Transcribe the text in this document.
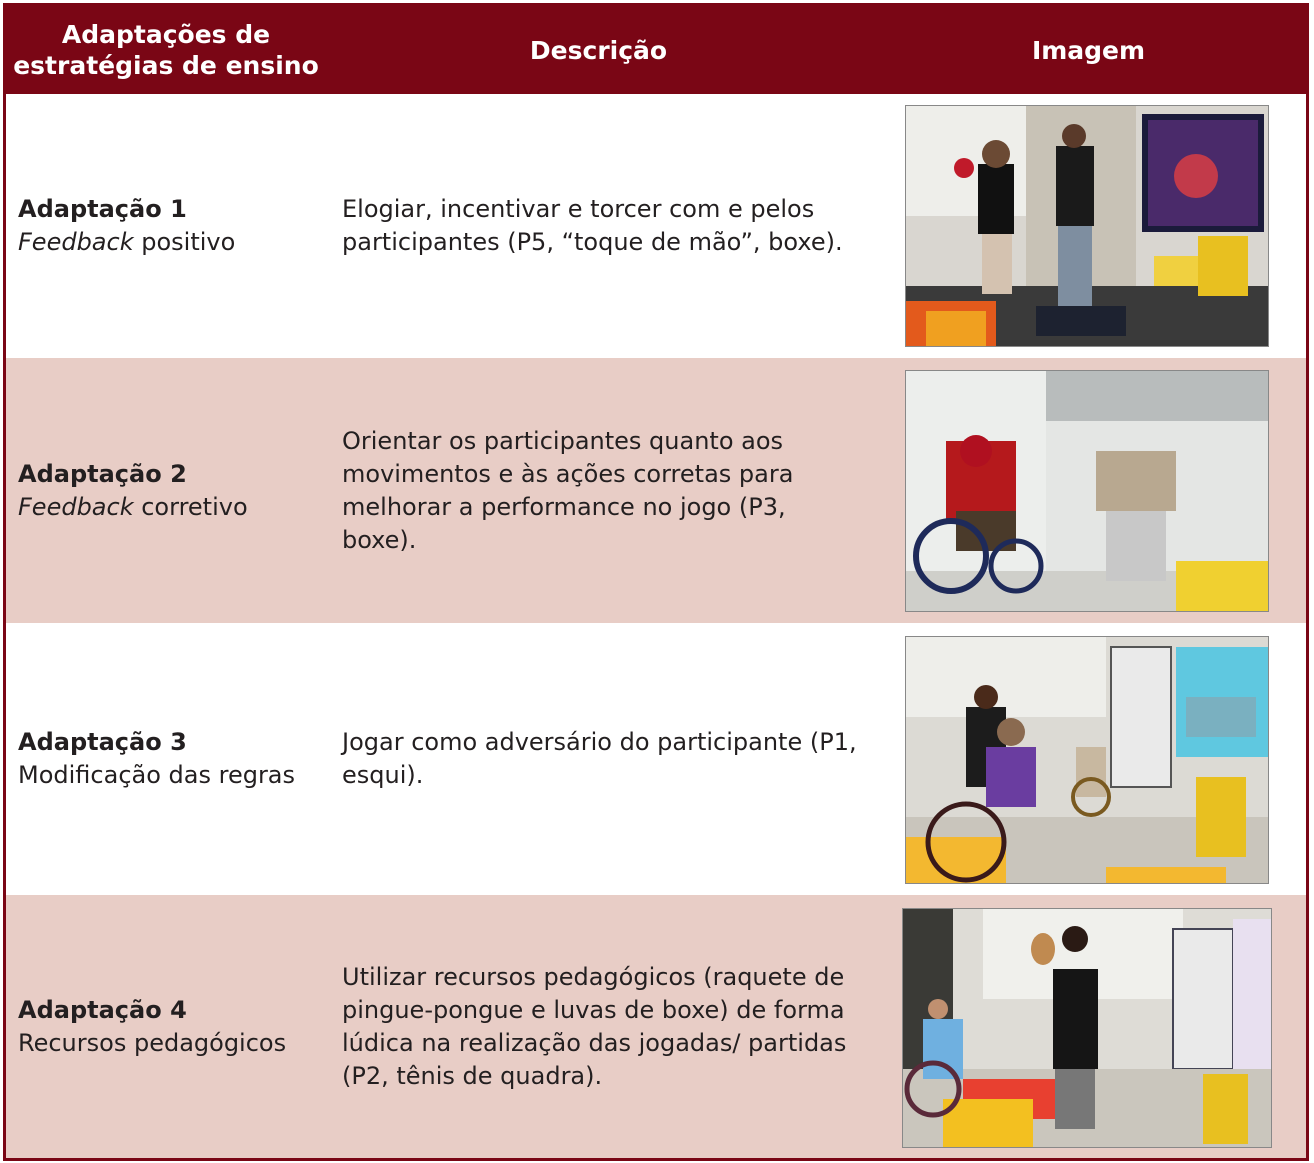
Adaptações de estratégias de ensino
Descrição	Imagem
Adaptação 1
Feedback positivo
Elogiar, incentivar e torcer com e pelos participantes (P5, “toque de mão”, boxe).
Adaptação 2
Feedback corretivo
Orientar os participantes quanto aos movimentos e às ações corretas para melhorar a performance no jogo (P3, boxe).
Adaptação 3
Modificação das regras
Jogar como adversário do participante (P1, esqui).
Adaptação 4
Recursos pedagógicos
Utilizar recursos pedagógicos (raquete de pingue-pongue e luvas de boxe) de forma lúdica na realização das jogadas/ partidas (P2, tênis de quadra).
